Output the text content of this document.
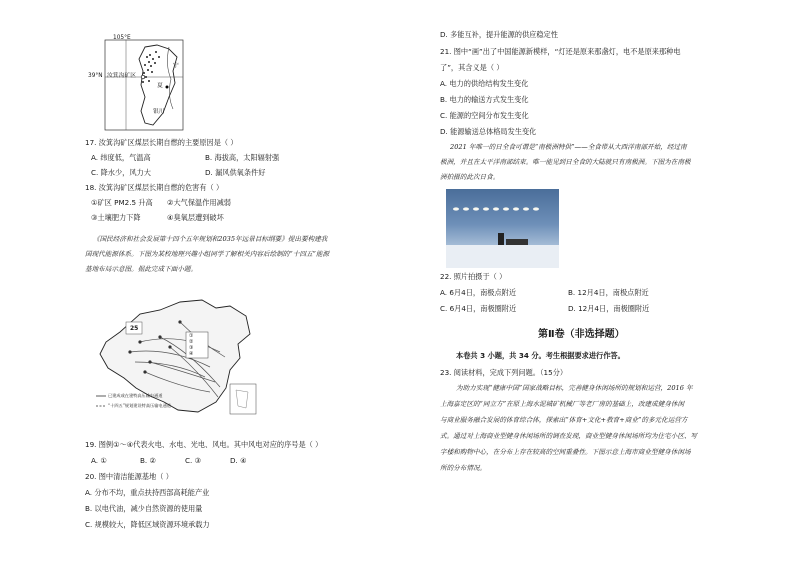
105°E
39°N 汝箕沟矿区
宁
夏
银川
17. 汝箕沟矿区煤层长期自燃的主要原因是（ ）
A. 纬度低，气温高	B. 海拔高，太阳辐射强
C. 降水少，风力大	D. 漏风供氧条件好
18. 汝箕沟矿区煤层长期自燃的危害有（ ）
①矿区 PM2.5 升高 ②大气保温作用减弱
③土壤肥力下降	④臭氧层遭到破坏
《国民经济和社会发展第十四个五年规划和2035年远景目标纲要》提出要构建我
国现代能源体系。下图为某校地理兴趣小组同学了解相关内容后绘制的“十四五”能源
基地布局示意图。据此完成下面小题。
25
①
②
③
④
已建成或在建特高压输电通道
“十四五”规划建设特高压输电通道
19. 图例①～④代表火电、水电、光电、风电。其中风电对应的序号是（ ）
A. ①	B. ②	C. ③	D. ④
20. 图中清洁能源基地（ ）
A. 分布不均，重点扶持西部高耗能产业
B. 以电代油，减少自然资源的使用量
C. 规模较大，降低区域资源环境承载力
D. 多能互补，提升能源的供应稳定性
21. 图中“画”出了中国能源新模样，“灯还是原来那盏灯，电不是原来那种电
了”，其含义是（ ）
A. 电力的供给结构发生变化
B. 电力的输送方式发生变化
C. 能源的空间分布发生变化
D. 能源输送总体格局发生变化
2021 年唯一的日全食可谓是“南极洲特供”——全食带从大西洋南部开始，经过南
极洲，并且在太平洋南部结束。唯一能见到日全食的大陆就只有南极洲。下图为在南极
洲拍摄的此次日食。
22. 照片拍摄于（ ）
A. 6月4日，南极点附近	B. 12月4日，南极点附近
C. 6月4日，南极圈附近	D. 12月4日，南极圈附近
第Ⅱ卷（非选择题）
本卷共 3 小题，共 34 分。考生根据要求进行作答。
23. 阅读材料，完成下列问题。（15分）
为助力实现“健康中国”国家战略目标，完善健身休闲场所的规划和运营，2016 年
上海嘉定区的“同立方”在原上海水泥城矿机械厂等老厂房的基础上，改建成健身休闲
与商业服务融合发展的体育综合体，探索出“体育+文化+教育+商业”的多元化运营方
式。通过对上海商业型健身休闲场所的调查发现，商业型健身休闲场所均为住宅小区、写
字楼和购物中心，在分布上存在较高的空间重叠性。下图示意上海市商业型健身休闲场
所的分布情况。
